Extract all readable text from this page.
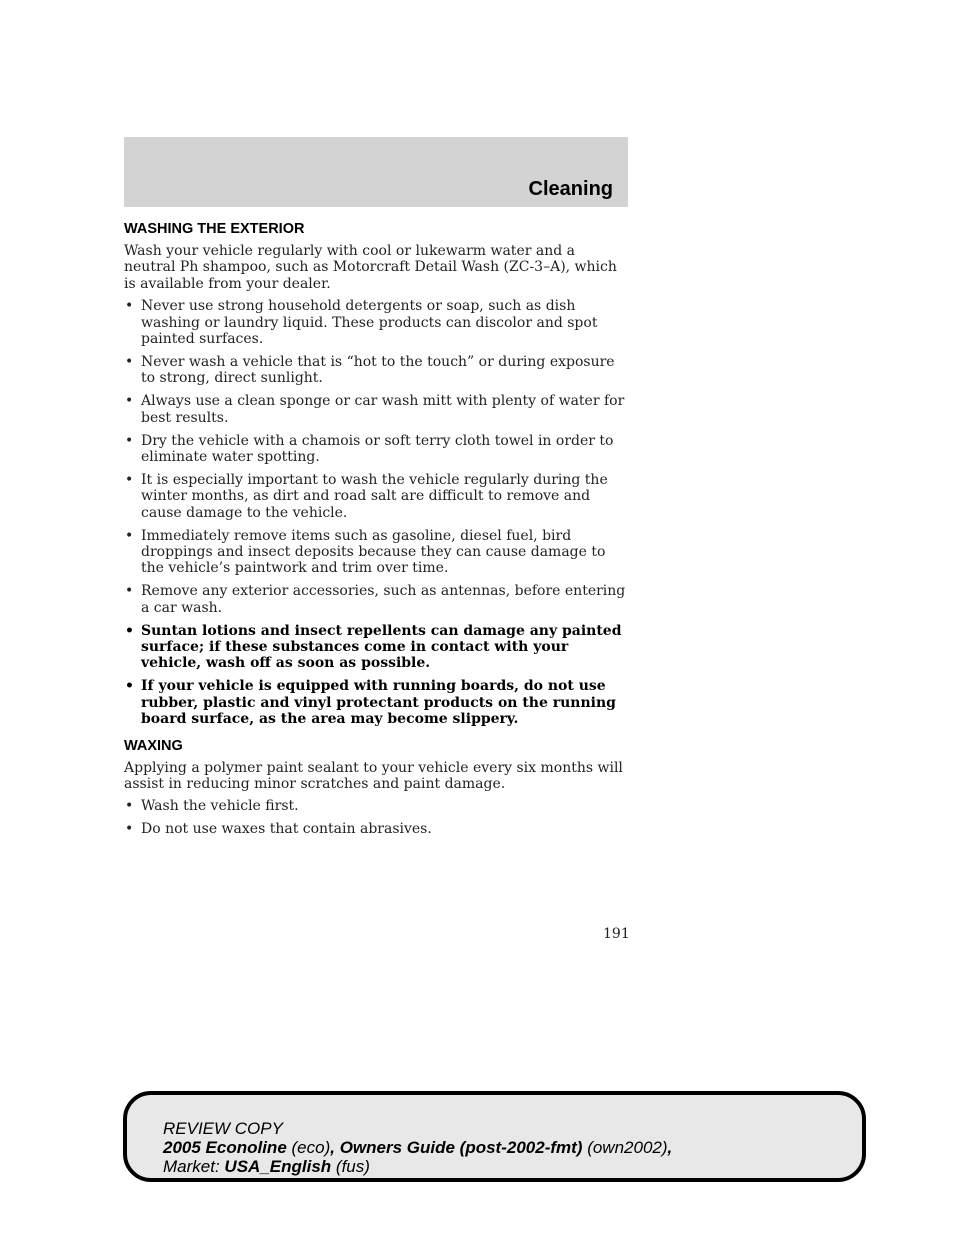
Cleaning
WASHING THE EXTERIOR

Wash your vehicle regularly with cool or lukewarm water and a neutral Ph shampoo, such as Motorcraft Detail Wash (ZC-3–A), which is available from your dealer.

• Never use strong household detergents or soap, such as dish washing or laundry liquid. These products can discolor and spot painted surfaces.
• Never wash a vehicle that is “hot to the touch” or during exposure to strong, direct sunlight.
• Always use a clean sponge or car wash mitt with plenty of water for best results.
• Dry the vehicle with a chamois or soft terry cloth towel in order to eliminate water spotting.
• It is especially important to wash the vehicle regularly during the winter months, as dirt and road salt are difficult to remove and cause damage to the vehicle.
• Immediately remove items such as gasoline, diesel fuel, bird droppings and insect deposits because they can cause damage to the vehicle’s paintwork and trim over time.
• Remove any exterior accessories, such as antennas, before entering a car wash.
• Suntan lotions and insect repellents can damage any painted surface; if these substances come in contact with your vehicle, wash off as soon as possible.
• If your vehicle is equipped with running boards, do not use rubber, plastic and vinyl protectant products on the running board surface, as the area may become slippery.
WAXING

Applying a polymer paint sealant to your vehicle every six months will assist in reducing minor scratches and paint damage.

• Wash the vehicle first.
• Do not use waxes that contain abrasives.
191
REVIEW COPY
2005 Econoline (eco), Owners Guide (post-2002-fmt) (own2002),
Market: USA_English (fus)
